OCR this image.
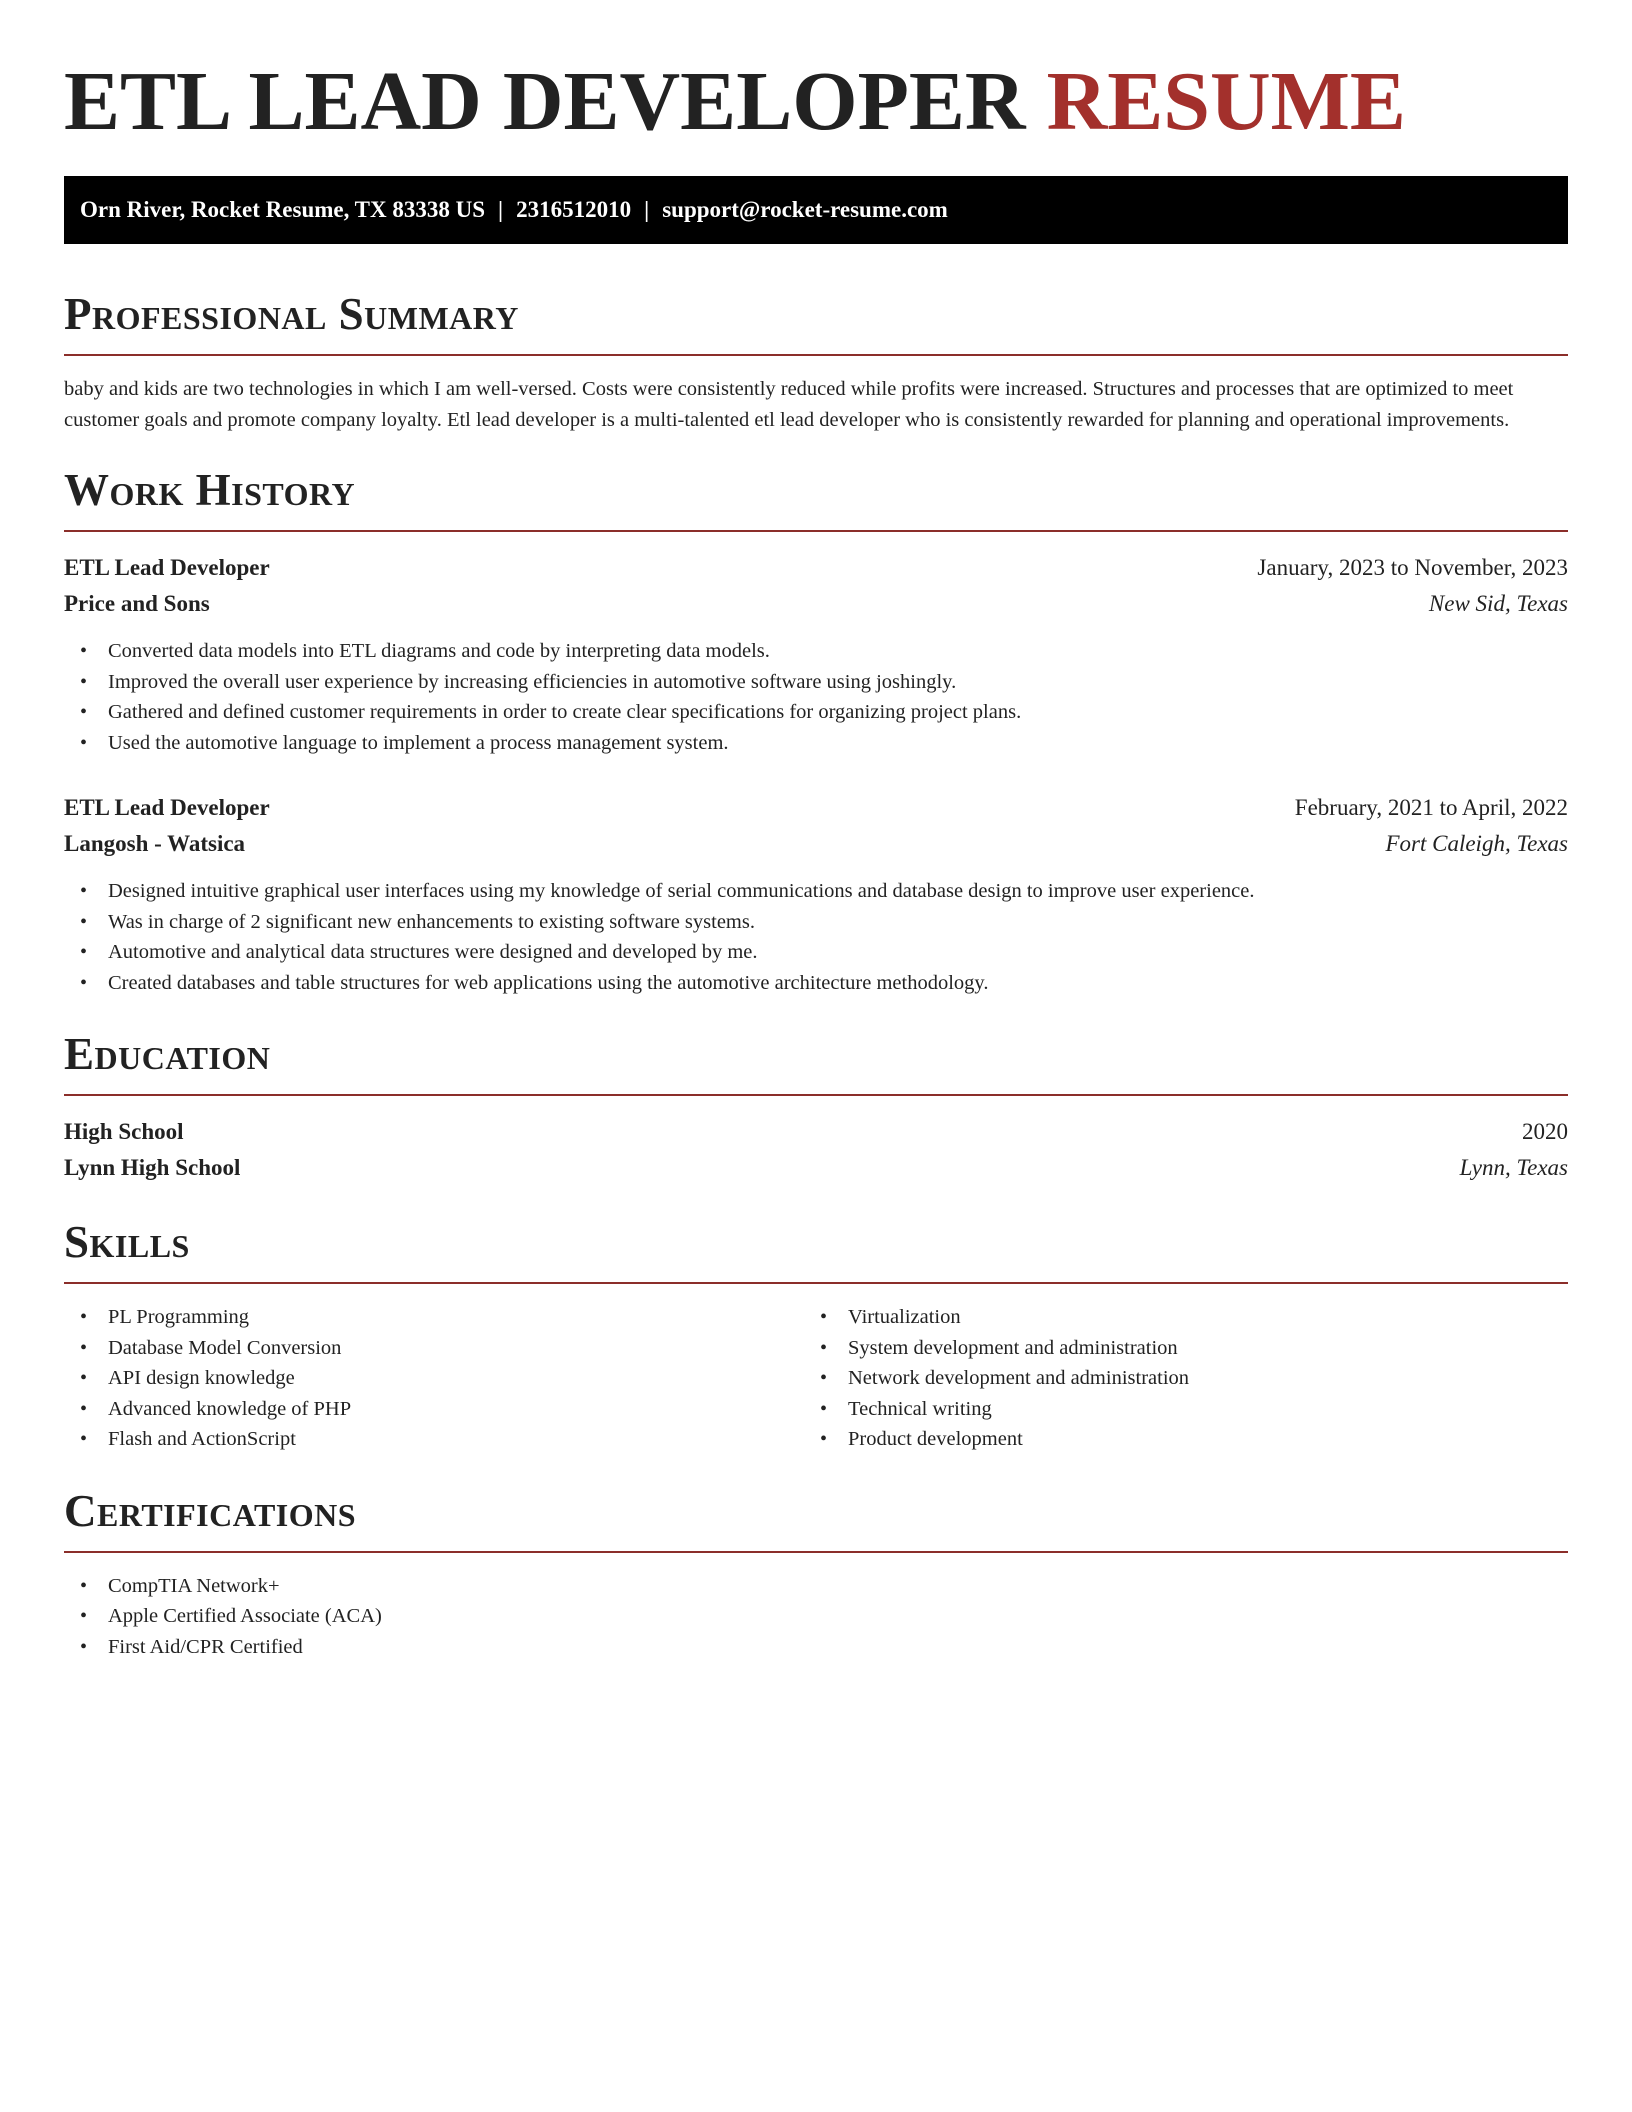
ETL LEAD DEVELOPER RESUME
Orn River, Rocket Resume, TX 83338 US | 2316512010 | support@rocket-resume.com
Professional Summary

baby and kids are two technologies in which I am well-versed. Costs were consistently reduced while profits were increased. Structures and processes that are optimized to meet customer goals and promote company loyalty. Etl lead developer is a multi-talented etl lead developer who is consistently rewarded for planning and operational improvements.

Work History
ETL Lead Developer	January, 2023 to November, 2023
Price and Sons	New Sid, Texas
• Converted data models into ETL diagrams and code by interpreting data models.
• Improved the overall user experience by increasing efficiencies in automotive software using joshingly.
• Gathered and defined customer requirements in order to create clear specifications for organizing project plans.
• Used the automotive language to implement a process management system.
ETL Lead Developer	February, 2021 to April, 2022
Langosh - Watsica	Fort Caleigh, Texas
• Designed intuitive graphical user interfaces using my knowledge of serial communications and database design to improve user experience.
• Was in charge of 2 significant new enhancements to existing software systems.
• Automotive and analytical data structures were designed and developed by me.
• Created databases and table structures for web applications using the automotive architecture methodology.
Education
High School	2020
Lynn High School	Lynn, Texas
Skills
• PL Programming
• Database Model Conversion
• API design knowledge
• Advanced knowledge of PHP
• Flash and ActionScript
• Virtualization
• System development and administration
• Network development and administration
• Technical writing
• Product development
Certifications
• CompTIA Network+
• Apple Certified Associate (ACA)
• First Aid/CPR Certified
